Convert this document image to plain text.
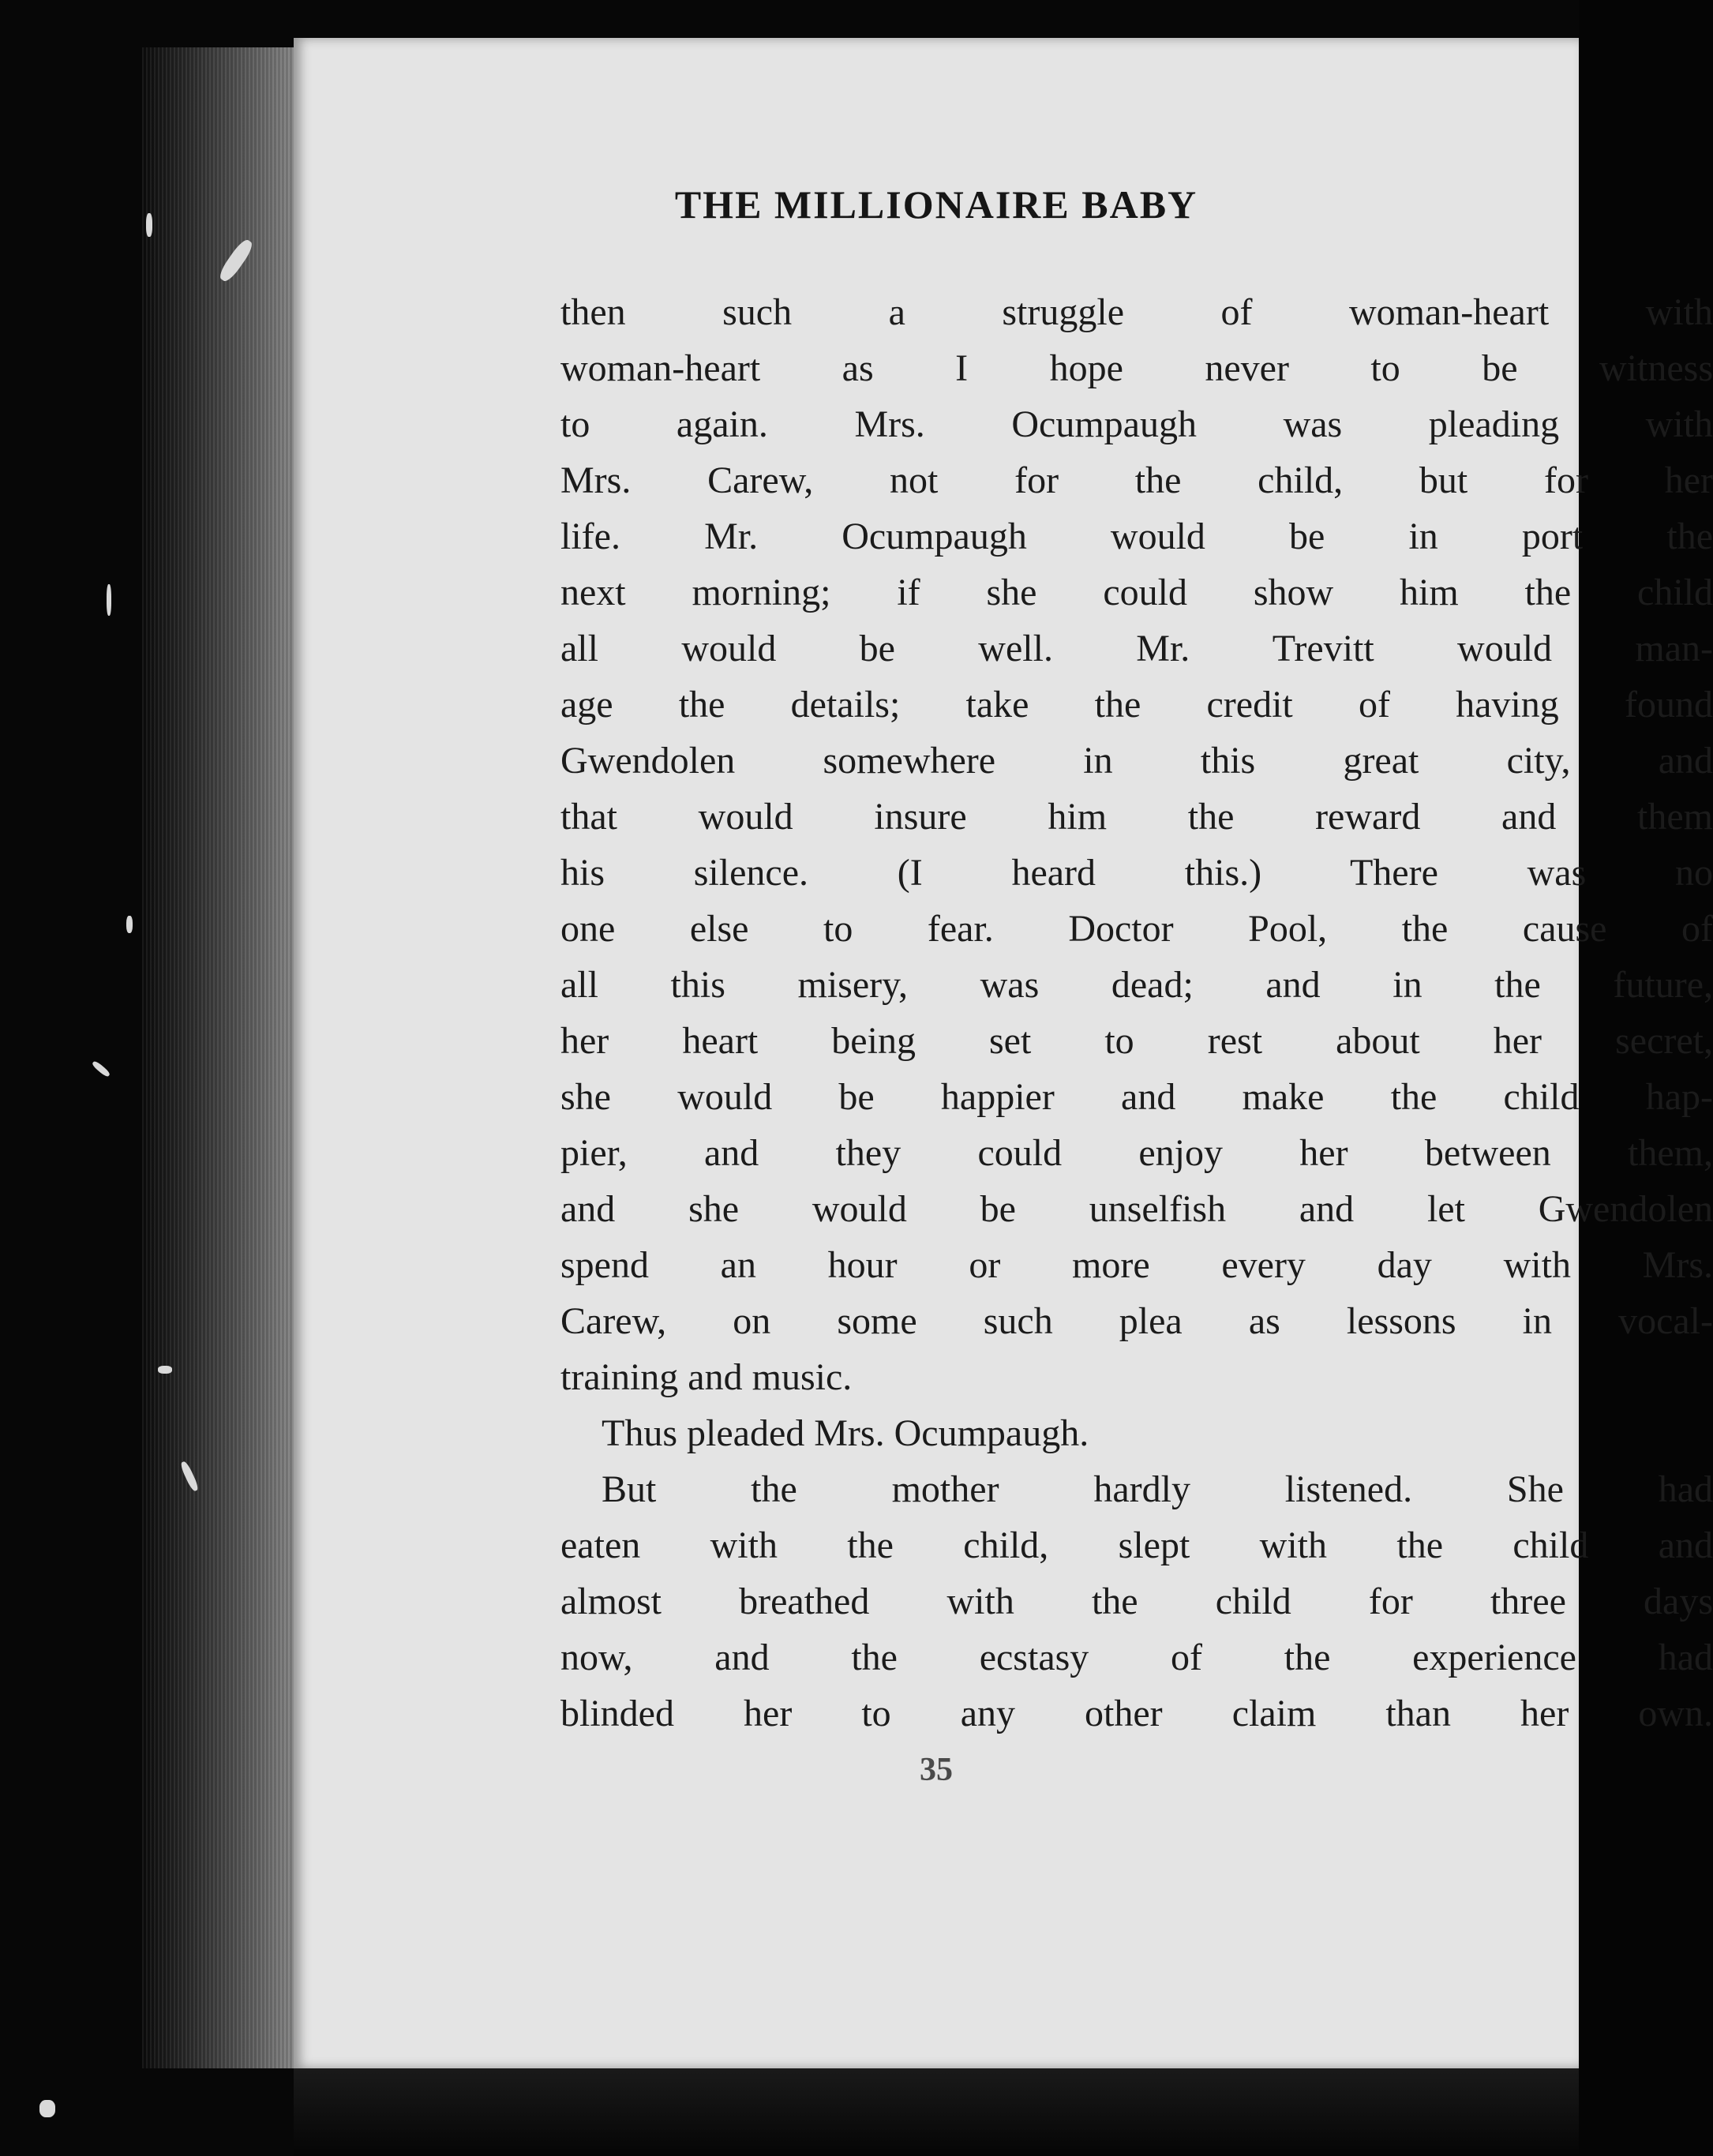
THE MILLIONAIRE BABY
then such a struggle of woman-heart with
woman-heart as I hope never to be witness
to again. Mrs. Ocumpaugh was pleading with
Mrs. Carew, not for the child, but for her
life. Mr. Ocumpaugh would be in port the
next morning; if she could show him the child
all would be well. Mr. Trevitt would man-
age the details; take the credit of having found
Gwendolen somewhere in this great city, and
that would insure him the reward and them
his silence. (I heard this.) There was no
one else to fear. Doctor Pool, the cause of
all this misery, was dead; and in the future,
her heart being set to rest about her secret,
she would be happier and make the child hap-
pier, and they could enjoy her between them,
and she would be unselfish and let Gwendolen
spend an hour or more every day with Mrs.
Carew, on some such plea as lessons in vocal-
training and music.
Thus pleaded Mrs. Ocumpaugh.
But the mother hardly listened. She had
eaten with the child, slept with the child and
almost breathed with the child for three days
now, and the ecstasy of the experience had
blinded her to any other claim than her own.
35
